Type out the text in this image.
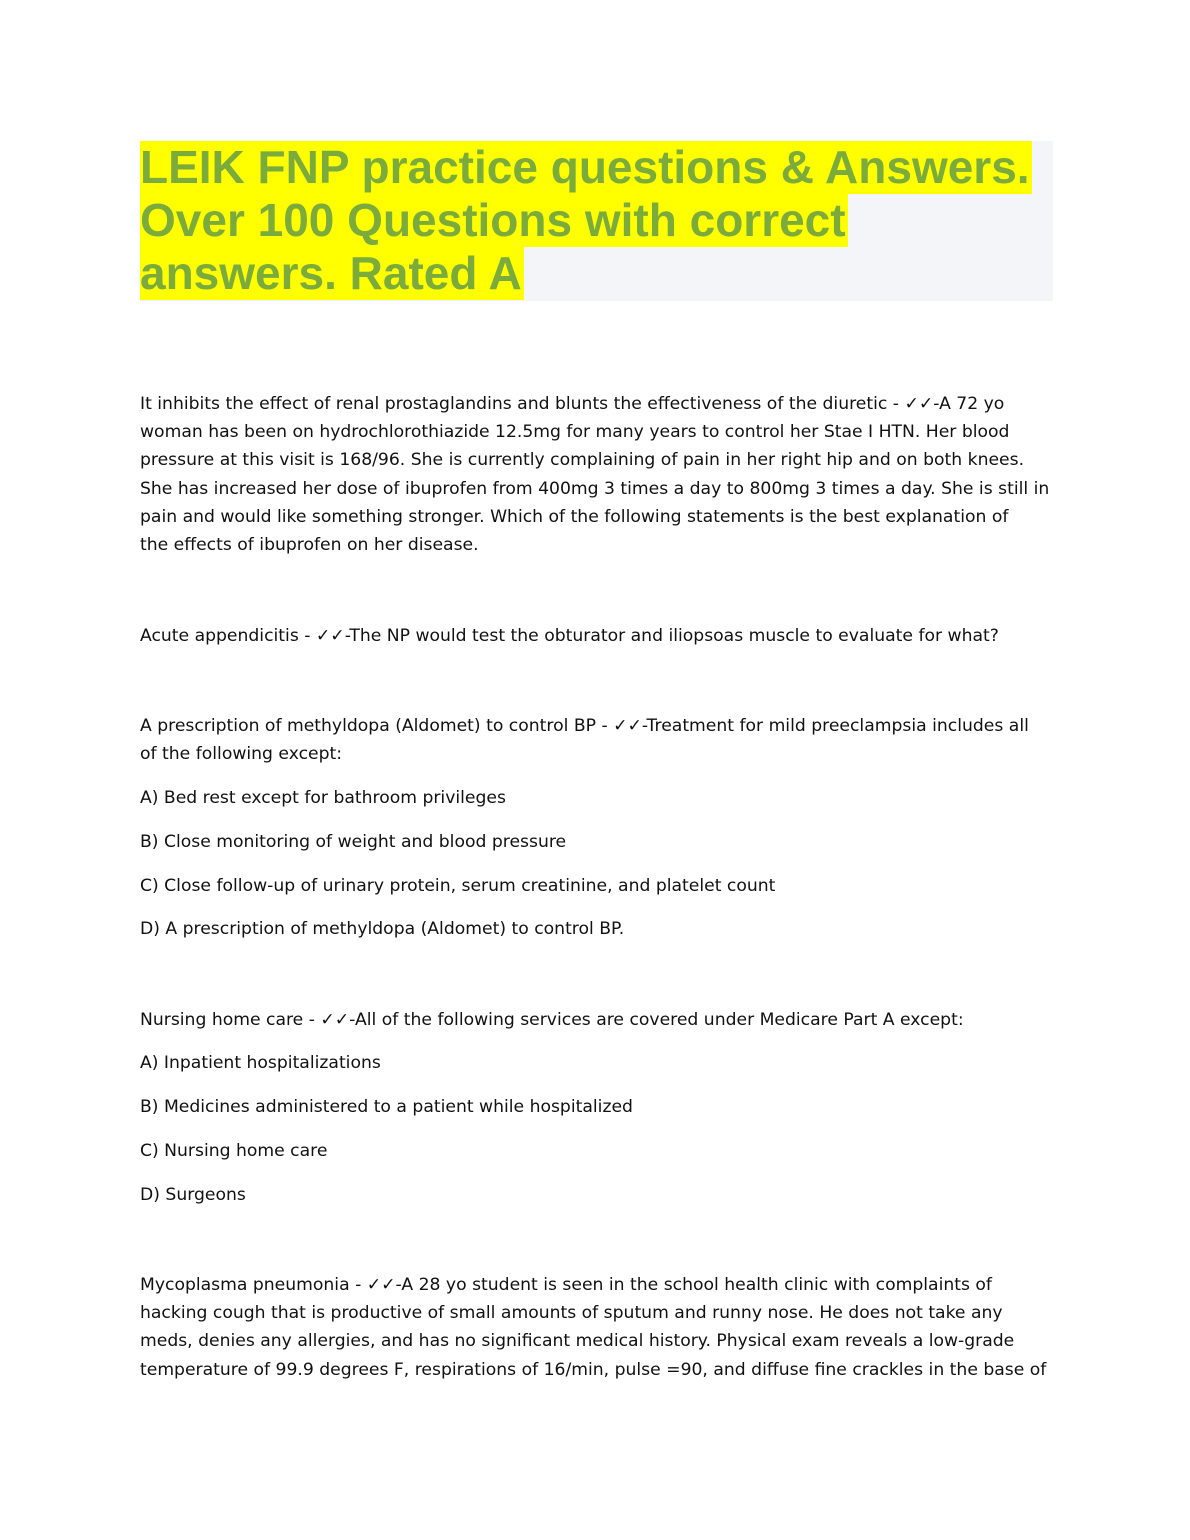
LEIK FNP practice questions & Answers.
Over 100 Questions with correct
answers. Rated A
It inhibits the effect of renal prostaglandins and blunts the effectiveness of the diuretic - ✓✓-A 72 yo
woman has been on hydrochlorothiazide 12.5mg for many years to control her Stae I HTN. Her blood
pressure at this visit is 168/96. She is currently complaining of pain in her right hip and on both knees.
She has increased her dose of ibuprofen from 400mg 3 times a day to 800mg 3 times a day. She is still in
pain and would like something stronger. Which of the following statements is the best explanation of
the effects of ibuprofen on her disease.
Acute appendicitis - ✓✓-The NP would test the obturator and iliopsoas muscle to evaluate for what?
A prescription of methyldopa (Aldomet) to control BP - ✓✓-Treatment for mild preeclampsia includes all
of the following except:
A) Bed rest except for bathroom privileges
B) Close monitoring of weight and blood pressure
C) Close follow-up of urinary protein, serum creatinine, and platelet count
D) A prescription of methyldopa (Aldomet) to control BP.
Nursing home care - ✓✓-All of the following services are covered under Medicare Part A except:
A) Inpatient hospitalizations
B) Medicines administered to a patient while hospitalized
C) Nursing home care
D) Surgeons
Mycoplasma pneumonia - ✓✓-A 28 yo student is seen in the school health clinic with complaints of
hacking cough that is productive of small amounts of sputum and runny nose. He does not take any
meds, denies any allergies, and has no significant medical history. Physical exam reveals a low-grade
temperature of 99.9 degrees F, respirations of 16/min, pulse =90, and diffuse fine crackles in the base of
